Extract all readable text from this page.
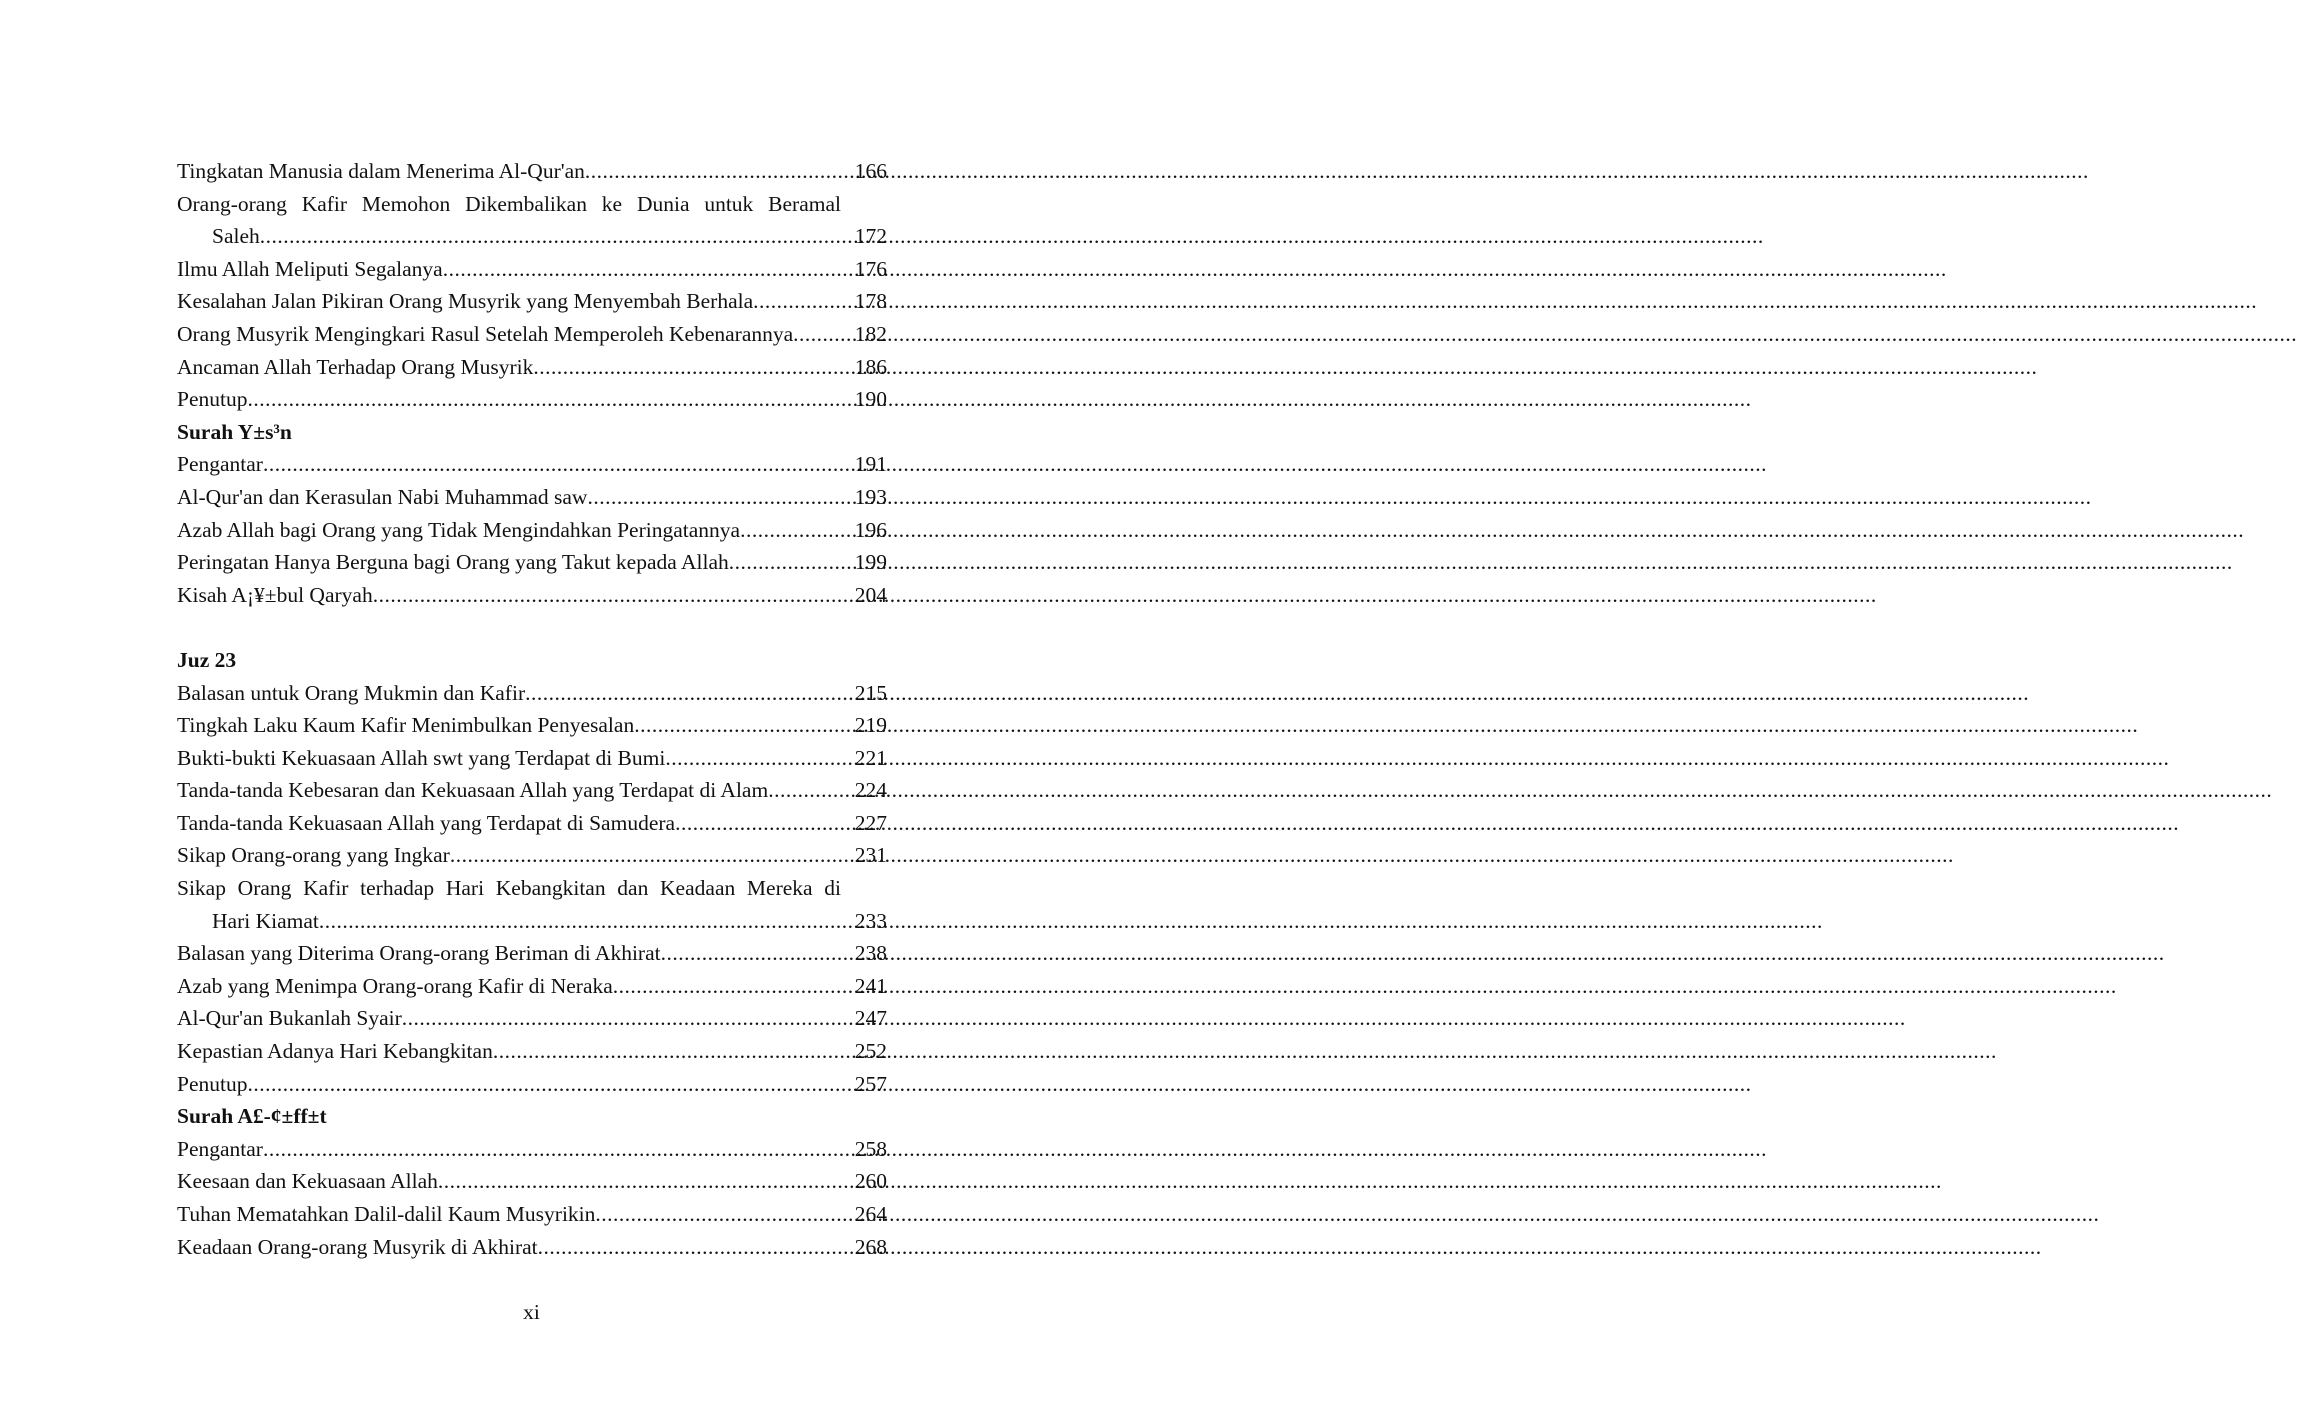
Tingkatan Manusia dalam Menerima Al-Qur'an .....	166
Orang-orang Kafir Memohon Dikembalikan ke Dunia untuk Beramal
Saleh .....	172
Ilmu Allah Meliputi Segalanya .....	176
Kesalahan Jalan Pikiran Orang Musyrik yang Menyembah Berhala .....	178
Orang Musyrik Mengingkari Rasul Setelah Memperoleh Kebenarannya .....	182
Ancaman Allah Terhadap Orang Musyrik .....	186
Penutup .....	190
Surah Y±s³n
Pengantar .....	191
Al-Qur'an dan Kerasulan Nabi Muhammad saw .....	193
Azab Allah bagi Orang yang Tidak Mengindahkan Peringatannya .....	196
Peringatan Hanya Berguna bagi Orang yang Takut kepada Allah .....	199
Kisah A¡¥±bul Qaryah .....	204
Juz 23
Balasan untuk Orang Mukmin dan Kafir .....	215
Tingkah Laku Kaum Kafir Menimbulkan Penyesalan .....	219
Bukti-bukti Kekuasaan Allah swt yang Terdapat di Bumi .....	221
Tanda-tanda Kebesaran dan Kekuasaan Allah yang Terdapat di Alam .....	224
Tanda-tanda Kekuasaan Allah yang Terdapat di Samudera .....	227
Sikap Orang-orang yang Ingkar .....	231
Sikap Orang Kafir terhadap Hari Kebangkitan dan Keadaan Mereka di
Hari Kiamat .....	233
Balasan yang Diterima Orang-orang Beriman di Akhirat .....	238
Azab yang Menimpa Orang-orang Kafir di Neraka .....	241
Al-Qur'an Bukanlah Syair .....	247
Kepastian Adanya Hari Kebangkitan .....	252
Penutup .....	257
Surah A£-¢±ff±t
Pengantar .....	258
Keesaan dan Kekuasaan Allah .....	260
Tuhan Mematahkan Dalil-dalil Kaum Musyrikin .....	264
Keadaan Orang-orang Musyrik di Akhirat .....	268
xi
